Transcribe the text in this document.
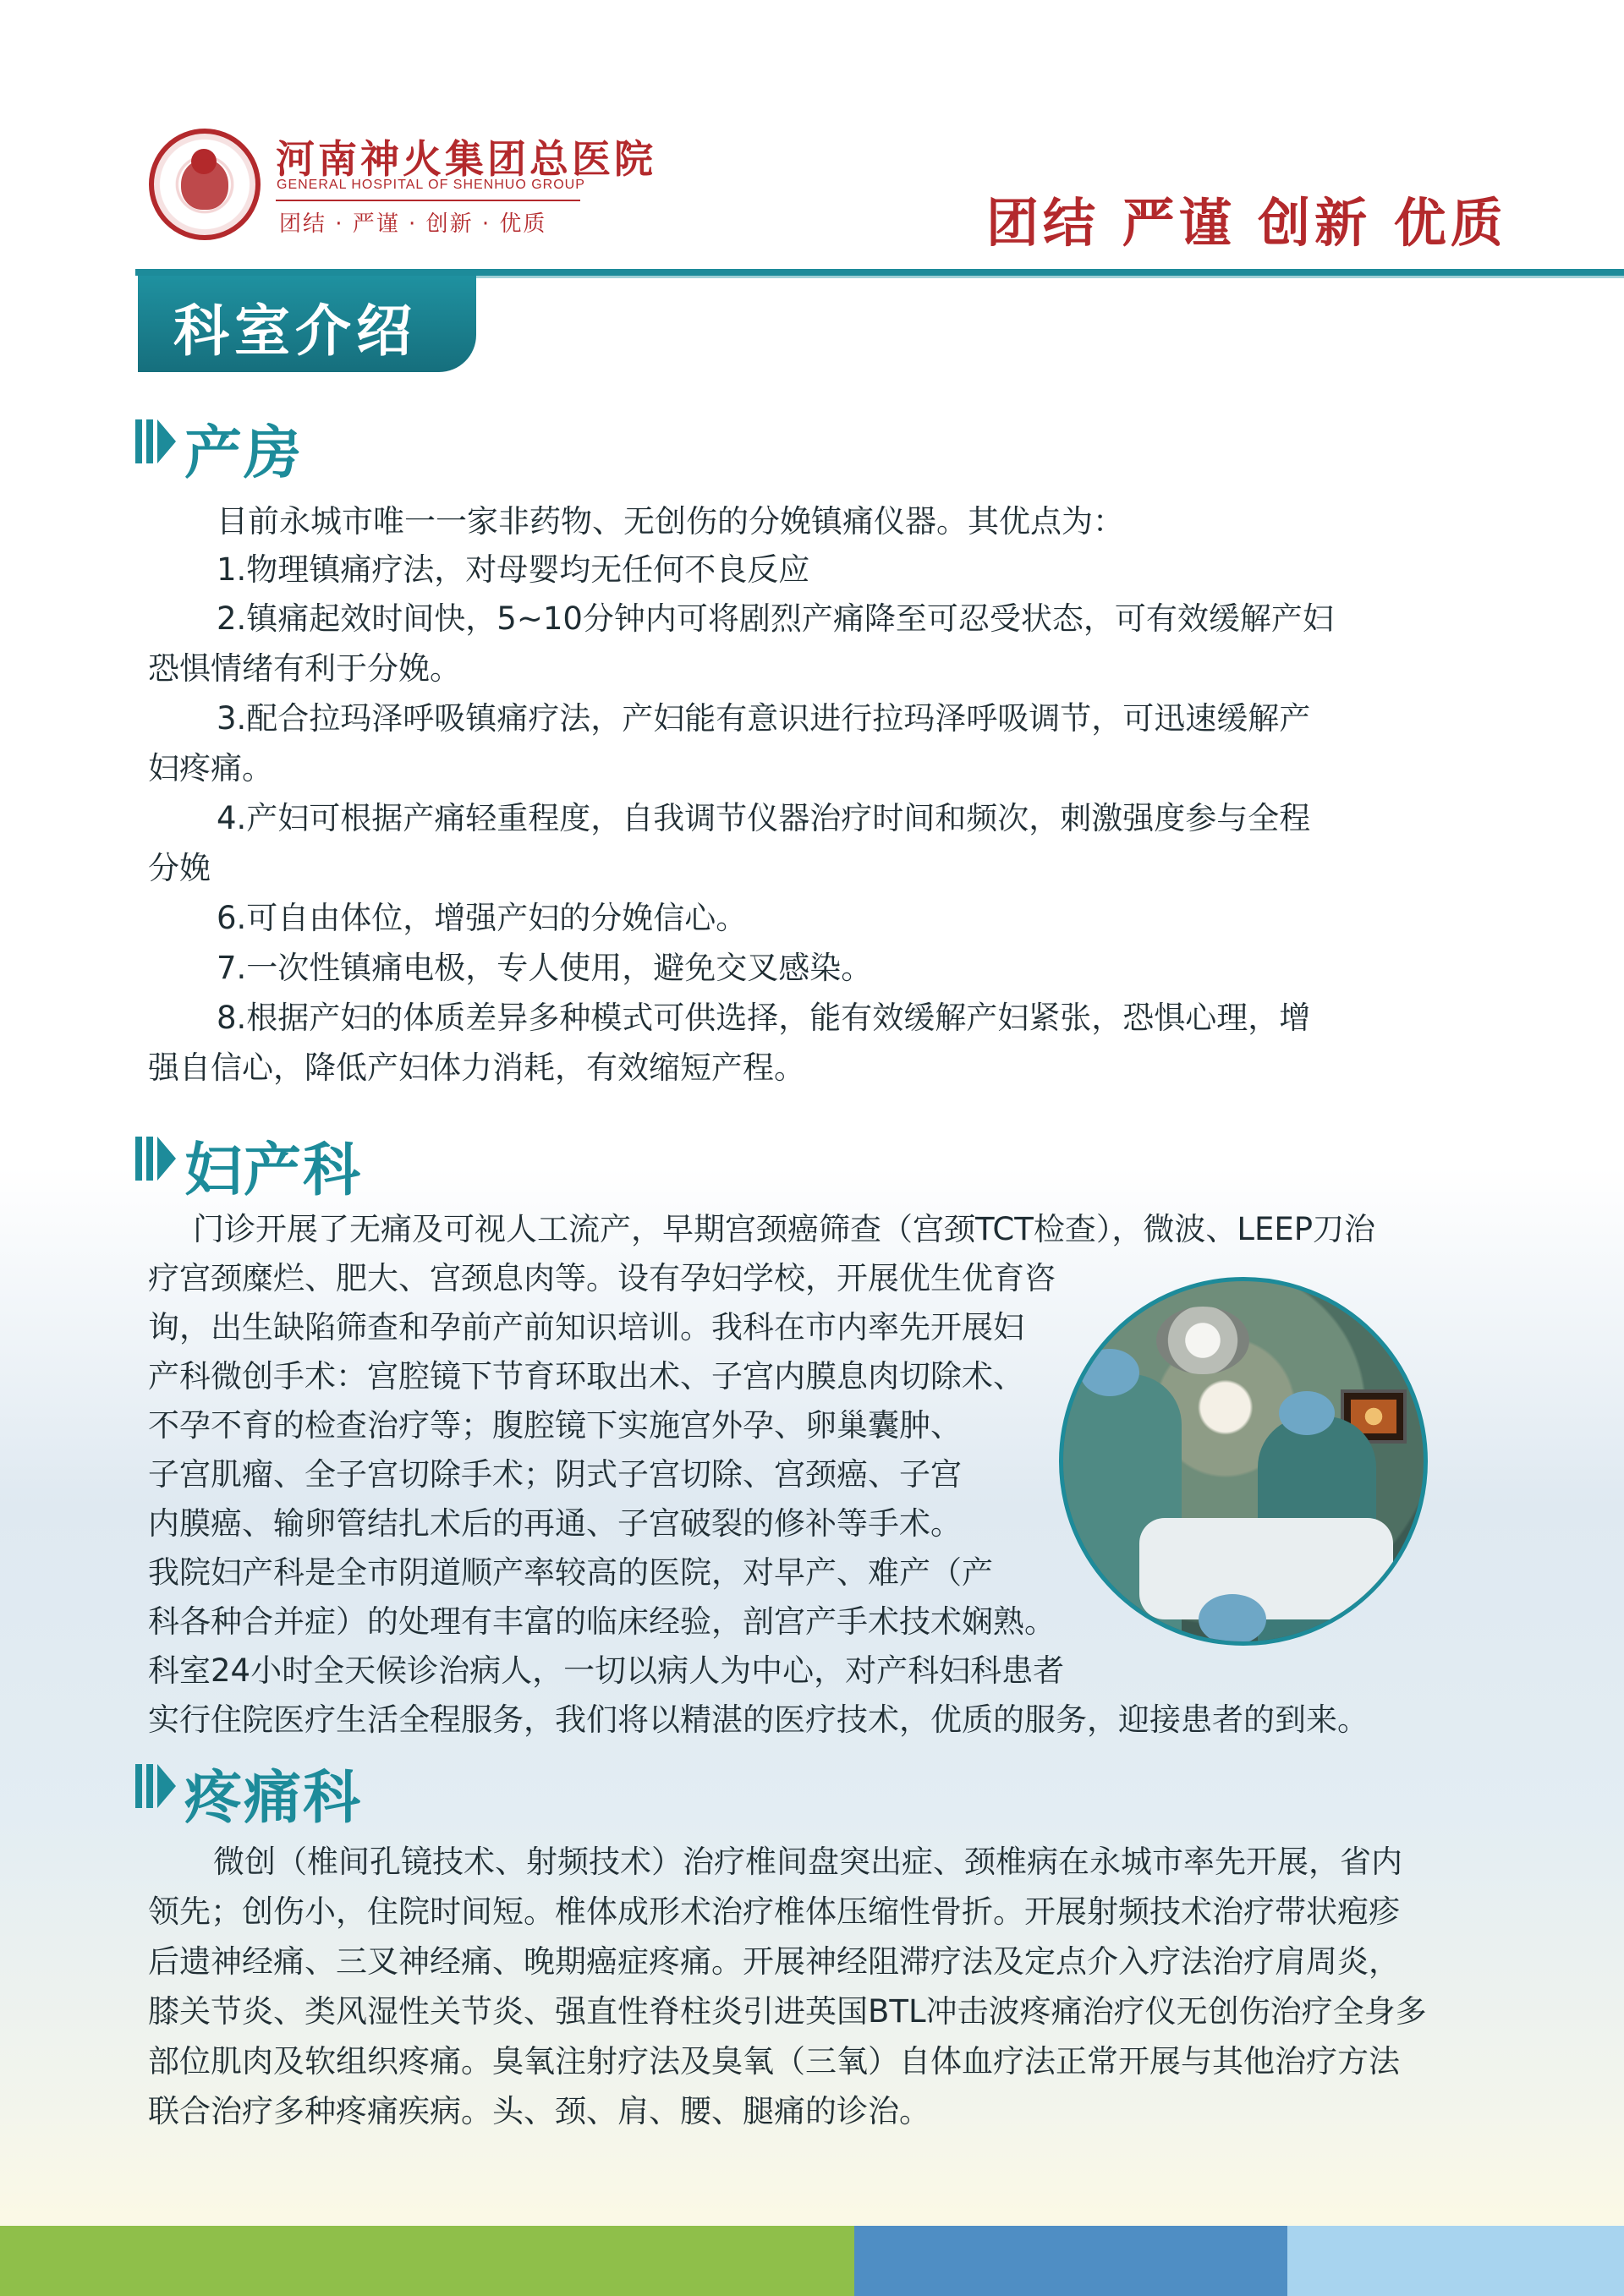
河南神火集团总医院
GENERAL HOSPITAL OF SHENHUO GROUP
团结 · 严谨 · 创新 · 优质	团结 严谨 创新 优质
科室介绍
产房
目前永城市唯一一家非药物、无创伤的分娩镇痛仪器。其优点为：
1.物理镇痛疗法，对母婴均无任何不良反应
2.镇痛起效时间快，5~10分钟内可将剧烈产痛降至可忍受状态，可有效缓解产妇
恐惧情绪有利于分娩。
3.配合拉玛泽呼吸镇痛疗法，产妇能有意识进行拉玛泽呼吸调节，可迅速缓解产
妇疼痛。
4.产妇可根据产痛轻重程度，自我调节仪器治疗时间和频次，刺激强度参与全程
分娩
6.可自由体位，增强产妇的分娩信心。
7.一次性镇痛电极，专人使用，避免交叉感染。
8.根据产妇的体质差异多种模式可供选择，能有效缓解产妇紧张，恐惧心理，增
强自信心，降低产妇体力消耗，有效缩短产程。
妇产科
门诊开展了无痛及可视人工流产，早期宫颈癌筛查（宫颈TCT检查），微波、LEEP刀治
疗宫颈糜烂、肥大、宫颈息肉等。设有孕妇学校，开展优生优育咨
询，出生缺陷筛查和孕前产前知识培训。我科在市内率先开展妇
产科微创手术：宫腔镜下节育环取出术、子宫内膜息肉切除术、
不孕不育的检查治疗等；腹腔镜下实施宫外孕、卵巢囊肿、
子宫肌瘤、全子宫切除手术；阴式子宫切除、宫颈癌、子宫
内膜癌、输卵管结扎术后的再通、子宫破裂的修补等手术。
我院妇产科是全市阴道顺产率较高的医院，对早产、难产（产
科各种合并症）的处理有丰富的临床经验，剖宫产手术技术娴熟。
科室24小时全天候诊治病人，一切以病人为中心，对产科妇科患者
实行住院医疗生活全程服务，我们将以精湛的医疗技术，优质的服务，迎接患者的到来。
疼痛科
微创（椎间孔镜技术、射频技术）治疗椎间盘突出症、颈椎病在永城市率先开展，省内
领先；创伤小，住院时间短。椎体成形术治疗椎体压缩性骨折。开展射频技术治疗带状疱疹
后遗神经痛、三叉神经痛、晚期癌症疼痛。开展神经阻滞疗法及定点介入疗法治疗肩周炎，
膝关节炎、类风湿性关节炎、强直性脊柱炎引进英国BTL冲击波疼痛治疗仪无创伤治疗全身多
部位肌肉及软组织疼痛。臭氧注射疗法及臭氧（三氧）自体血疗法正常开展与其他治疗方法
联合治疗多种疼痛疾病。头、颈、肩、腰、腿痛的诊治。
